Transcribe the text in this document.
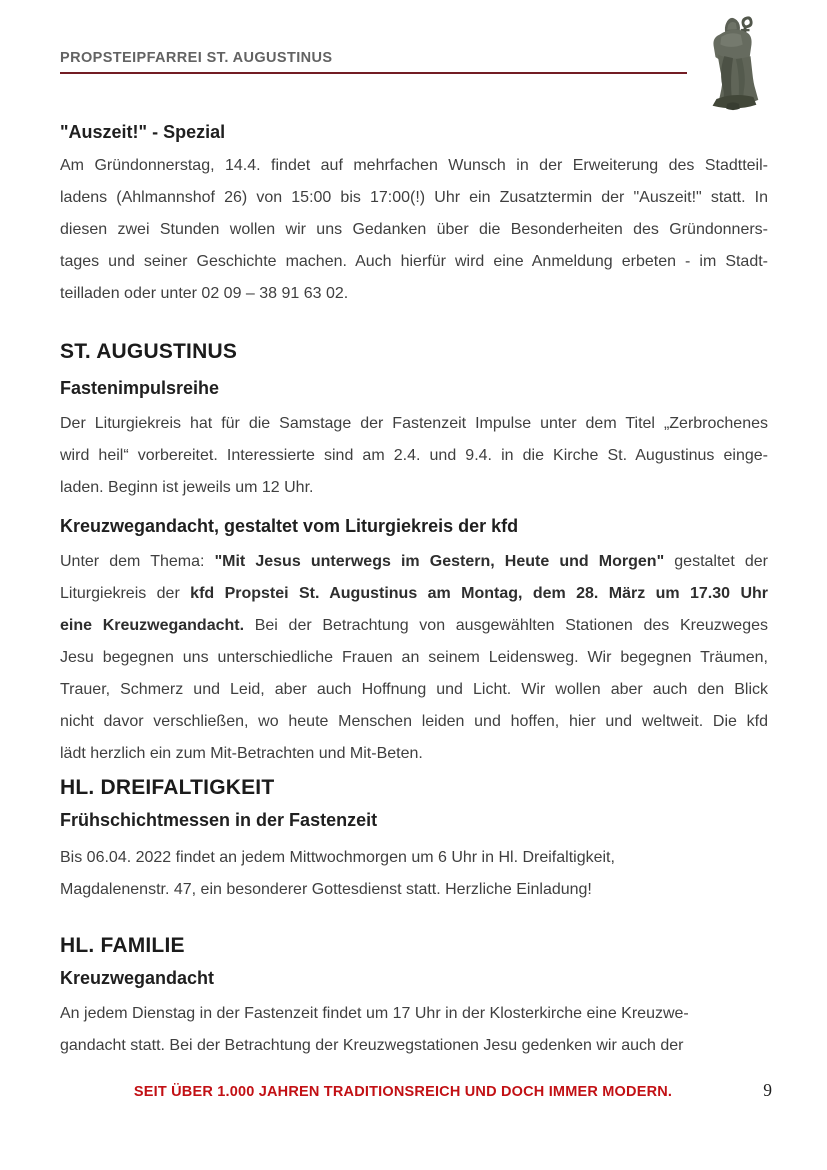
PROPSTEIPFARREI ST. AUGUSTINUS
"Auszeit!" - Spezial
Am Gründonnerstag, 14.4. findet auf mehrfachen Wunsch in der Erweiterung des Stadtteil-
ladens (Ahlmannshof 26) von 15:00 bis 17:00(!) Uhr ein Zusatztermin der "Auszeit!" statt. In
diesen zwei Stunden wollen wir uns Gedanken über die Besonderheiten des Gründonners-
tages und seiner Geschichte machen. Auch hierfür wird eine Anmeldung erbeten - im Stadt-
teilladen oder unter 02 09 – 38 91 63 02.
ST. AUGUSTINUS
Fastenimpulsreihe
Der Liturgiekreis hat für die Samstage der Fastenzeit Impulse unter dem Titel „Zerbrochenes
wird heil“ vorbereitet. Interessierte sind am 2.4. und 9.4. in die Kirche St. Augustinus einge-
laden. Beginn ist jeweils um 12 Uhr.
Kreuzwegandacht, gestaltet vom Liturgiekreis der kfd
Unter dem Thema: "Mit Jesus unterwegs im Gestern, Heute und Morgen" gestaltet der
Liturgiekreis der kfd Propstei St. Augustinus am Montag, dem 28. März um 17.30 Uhr
eine Kreuzwegandacht. Bei der Betrachtung von ausgewählten Stationen des Kreuzweges
Jesu begegnen uns unterschiedliche Frauen an seinem Leidensweg. Wir begegnen Träumen,
Trauer, Schmerz und Leid, aber auch Hoffnung und Licht. Wir wollen aber auch den Blick
nicht davor verschließen, wo heute Menschen leiden und hoffen, hier und weltweit. Die kfd
lädt herzlich ein zum Mit-Betrachten und Mit-Beten.
HL. DREIFALTIGKEIT
Frühschichtmessen in der Fastenzeit
Bis 06.04. 2022 findet an jedem Mittwochmorgen um 6 Uhr in Hl. Dreifaltigkeit,
Magdalenenstr. 47, ein besonderer Gottesdienst statt. Herzliche Einladung!
HL. FAMILIE
Kreuzwegandacht
An jedem Dienstag in der Fastenzeit findet um 17 Uhr in der Klosterkirche eine Kreuzwe-
gandacht statt. Bei der Betrachtung der Kreuzwegstationen Jesu gedenken wir auch der
SEIT ÜBER 1.000 JAHREN TRADITIONSREICH UND DOCH IMMER MODERN.	9
